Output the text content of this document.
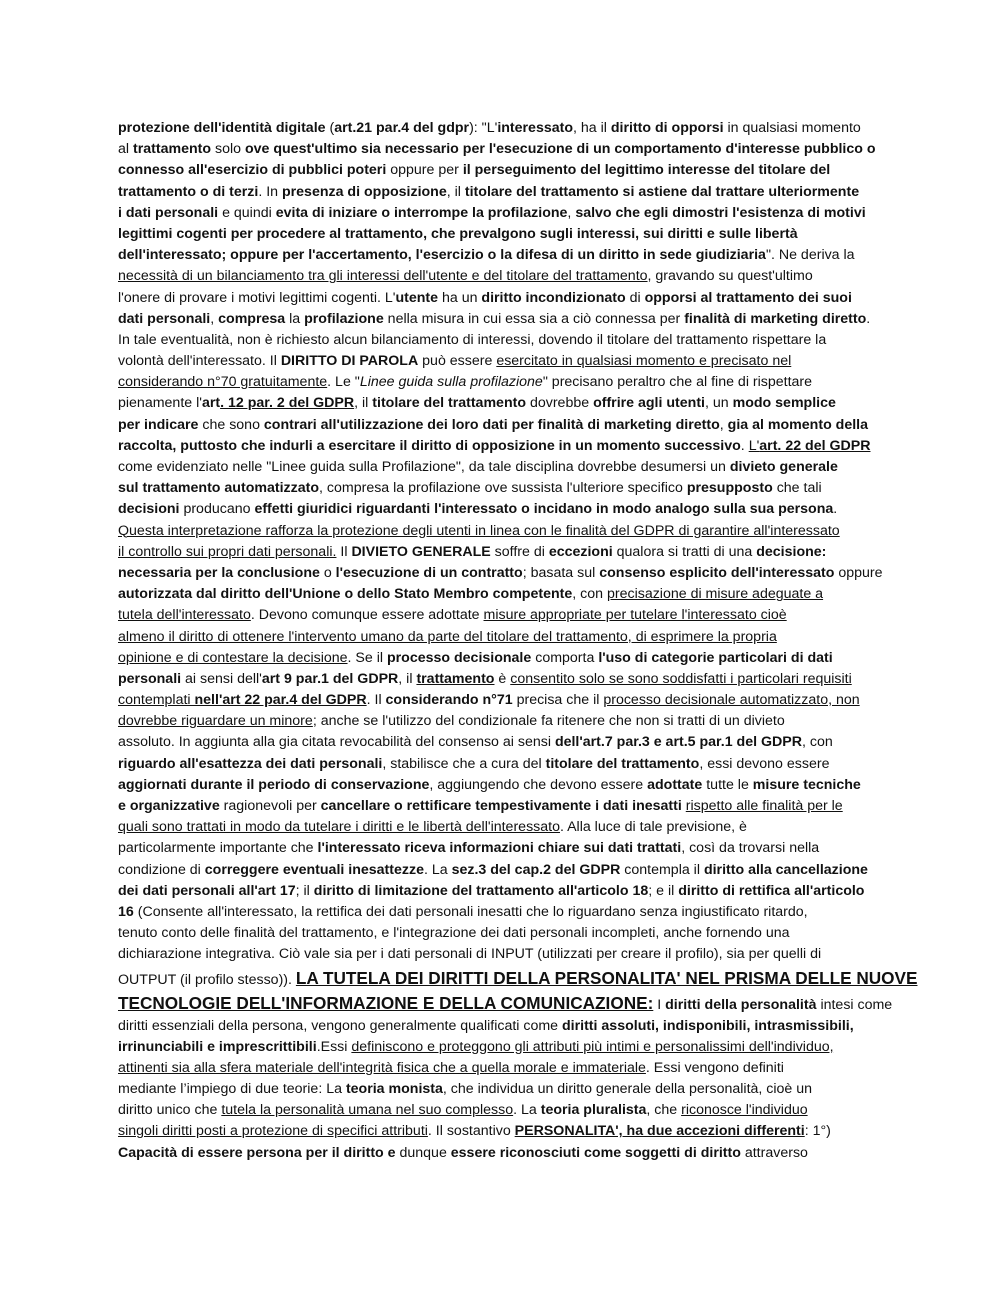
protezione dell'identità digitale (art.21 par.4 del gdpr): "L'interessato, ha il diritto di opporsi in qualsiasi momento
al trattamento solo ove quest'ultimo sia necessario per l'esecuzione di un comportamento d'interesse pubblico o
connesso all'esercizio di pubblici poteri oppure per il perseguimento del legittimo interesse del titolare del
trattamento o di terzi. In presenza di opposizione, il titolare del trattamento si astiene dal trattare ulteriormente
i dati personali e quindi evita di iniziare o interrompe la profilazione, salvo che egli dimostri l'esistenza di motivi
legittimi cogenti per procedere al trattamento, che prevalgono sugli interessi, sui diritti e sulle libertà
dell'interessato; oppure per l'accertamento, l'esercizio o la difesa di un diritto in sede giudiziaria". Ne deriva la
necessità di un bilanciamento tra gli interessi dell'utente e del titolare del trattamento, gravando su quest'ultimo
l'onere di provare i motivi legittimi cogenti. L'utente ha un diritto incondizionato di opporsi al trattamento dei suoi
dati personali, compresa la profilazione nella misura in cui essa sia a ciò connessa per finalità di marketing diretto.
In tale eventualità, non è richiesto alcun bilanciamento di interessi, dovendo il titolare del trattamento rispettare la
volontà dell'interessato. Il DIRITTO DI PAROLA può essere esercitato in qualsiasi momento e precisato nel
considerando n°70 gratuitamente. Le "Linee guida sulla profilazione" precisano peraltro che al fine di rispettare
pienamente l'art. 12 par. 2 del GDPR, il titolare del trattamento dovrebbe offrire agli utenti, un modo semplice
per indicare che sono contrari all'utilizzazione dei loro dati per finalità di marketing diretto, gia al momento della
raccolta, puttosto che indurli a esercitare il diritto di opposizione in un momento successivo. L'art. 22 del GDPR
come evidenziato nelle "Linee guida sulla Profilazione", da tale disciplina dovrebbe desumersi un divieto generale
sul trattamento automatizzato, compresa la profilazione ove sussista l'ulteriore specifico presupposto che tali
decisioni producano effetti giuridici riguardanti l'interessato o incidano in modo analogo sulla sua persona.
Questa interpretazione rafforza la protezione degli utenti in linea con le finalità del GDPR di garantire all'interessato
il controllo sui propri dati personali. Il DIVIETO GENERALE soffre di eccezioni qualora si tratti di una decisione:
necessaria per la conclusione o l'esecuzione di un contratto; basata sul consenso esplicito dell'interessato oppure
autorizzata dal diritto dell'Unione o dello Stato Membro competente, con precisazione di misure adeguate a
tutela dell'interessato. Devono comunque essere adottate misure appropriate per tutelare l'interessato cioè
almeno il diritto di ottenere l'intervento umano da parte del titolare del trattamento, di esprimere la propria
opinione e di contestare la decisione. Se il processo decisionale comporta l'uso di categorie particolari di dati
personali ai sensi dell'art 9 par.1 del GDPR, il trattamento è consentito solo se sono soddisfatti i particolari requisiti
contemplati nell'art 22 par.4 del GDPR. Il considerando n°71 precisa che il processo decisionale automatizzato, non
dovrebbe riguardare un minore; anche se l'utilizzo del condizionale fa ritenere che non si tratti di un divieto
assoluto. In aggiunta alla gia citata revocabilità del consenso ai sensi dell'art.7 par.3 e art.5 par.1 del GDPR, con
riguardo all'esattezza dei dati personali, stabilisce che a cura del titolare del trattamento, essi devono essere
aggiornati durante il periodo di conservazione, aggiungendo che devono essere adottate tutte le misure tecniche
e organizzative ragionevoli per cancellare o rettificare tempestivamente i dati inesatti rispetto alle finalità per le
quali sono trattati in modo da tutelare i diritti e le libertà dell'interessato. Alla luce di tale previsione, è
particolarmente importante che l'interessato riceva informazioni chiare sui dati trattati, così da trovarsi nella
condizione di correggere eventuali inesattezze. La sez.3 del cap.2 del GDPR contempla il diritto alla cancellazione
dei dati personali all'art 17; il diritto di limitazione del trattamento all'articolo 18; e il diritto di rettifica all'articolo
16 (Consente all'interessato, la rettifica dei dati personali inesatti che lo riguardano senza ingiustificato ritardo,
tenuto conto delle finalità del trattamento, e l'integrazione dei dati personali incompleti, anche fornendo una
dichiarazione integrativa. Ciò vale sia per i dati personali di INPUT (utilizzati per creare il profilo), sia per quelli di
OUTPUT (il profilo stesso)). LA TUTELA DEI DIRITTI DELLA PERSONALITA' NEL PRISMA DELLE NUOVE
TECNOLOGIE DELL'INFORMAZIONE E DELLA COMUNICAZIONE: I diritti della personalità intesi come
diritti essenziali della persona, vengono generalmente qualificati come diritti assoluti, indisponibili, intrasmissibili,
irrinunciabili e imprescrittibili.Essi definiscono e proteggono gli attributi più intimi e personalissimi dell'individuo,
attinenti sia alla sfera materiale dell'integrità fisica che a quella morale e immateriale. Essi vengono definiti
mediante l’impiego di due teorie: La teoria monista, che individua un diritto generale della personalità, cioè un
diritto unico che tutela la personalità umana nel suo complesso. La teoria pluralista, che riconosce l'individuo
singoli diritti posti a protezione di specifici attributi. Il sostantivo PERSONALITA', ha due accezioni differenti: 1°)
Capacità di essere persona per il diritto e dunque essere riconosciuti come soggetti di diritto attraverso
